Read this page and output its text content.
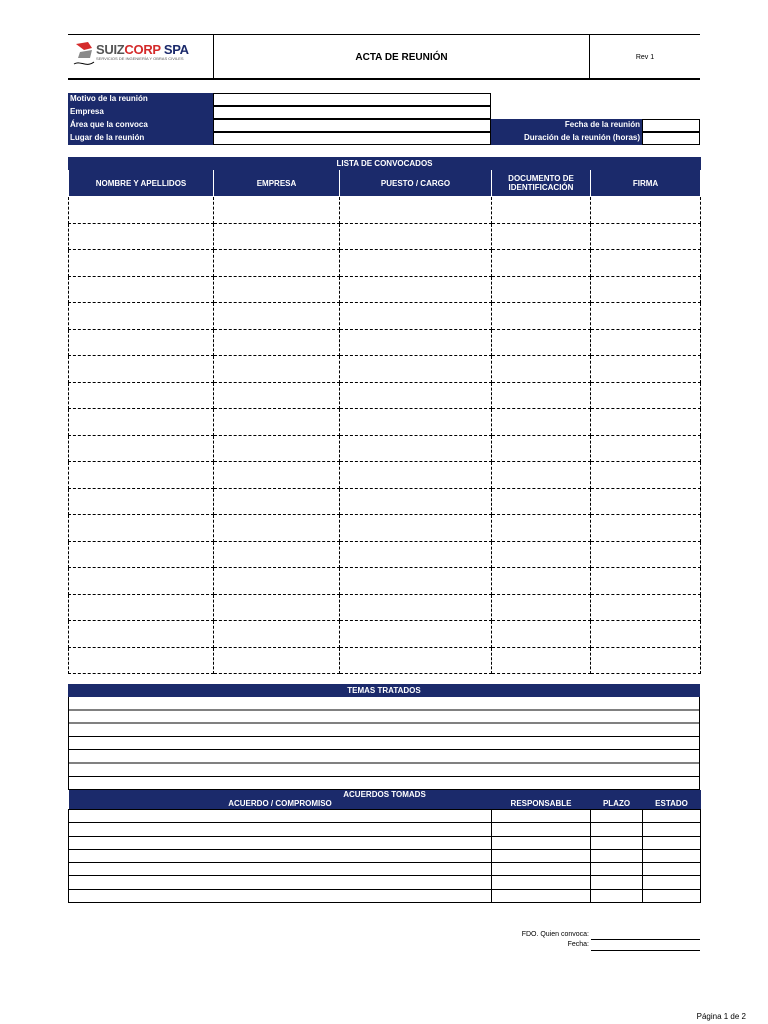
SUIZCORP SPA
SERVICIOS DE INGENIERÍA Y OBRAS CIVILES	ACTA DE REUNIÓN	Rev 1
Motivo de la reunión
Empresa
Área que la convoca
Lugar de la reunión
Fecha de la reunión
Duración de la reunión (horas)
LISTA DE CONVOCADOS				
NOMBRE Y APELLIDOS	EMPRESA	PUESTO / CARGO	DOCUMENTO DE IDENTIFICACIÓN	FIRMA

TEMAS TRATADOS
ACUERDOS TOMADS			
ACUERDO / COMPROMISO	RESPONSABLE	PLAZO	ESTADO

FDO. Quien convoca:
Fecha:
Página 1 de 2
